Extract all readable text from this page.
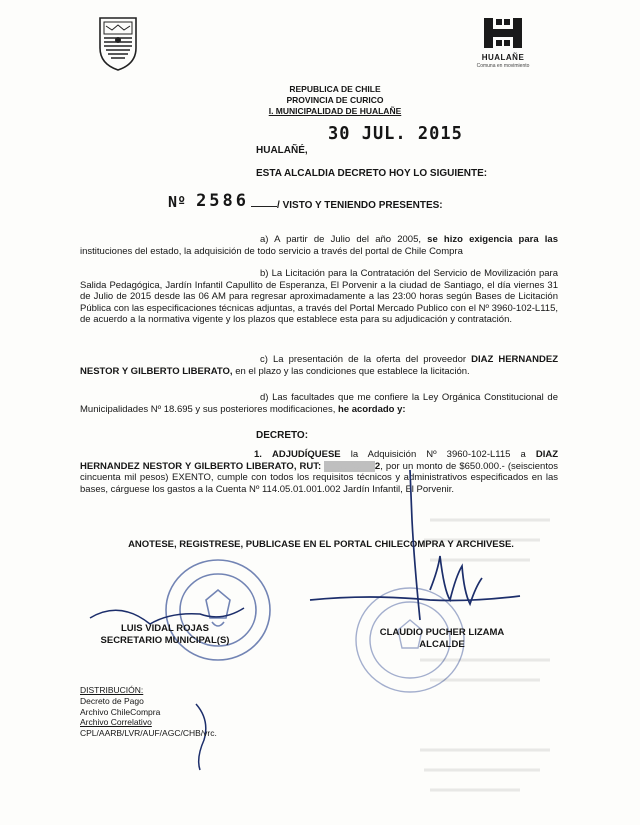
HUALAÑE
Comuna en movimiento
REPUBLICA DE CHILE
PROVINCIA DE CURICO
I. MUNICIPALIDAD DE HUALAÑE
30 JUL. 2015
HUALAÑÉ,
ESTA ALCALDIA DECRETO HOY LO SIGUIENTE:
Nº 2586	/ VISTO Y TENIENDO PRESENTES:
a) A partir de Julio del año 2005, se hizo exigencia para las instituciones del estado, la adquisición de todo servicio a través del portal de Chile Compra
b) La Licitación para la Contratación del Servicio de Movilización para Salida Pedagógica, Jardín Infantil Capullito de Esperanza, El Porvenir a la ciudad de Santiago, el día viernes 31 de Julio de 2015 desde las 06 AM para regresar aproximadamente a las 23:00 horas según Bases de Licitación Pública con las especificaciones técnicas adjuntas, a través del Portal Mercado Publico con el Nº 3960-102-L115, de acuerdo a la normativa vigente y los plazos que establece esta para su adjudicación y contratación.
c) La presentación de la oferta del proveedor DIAZ HERNANDEZ NESTOR Y GILBERTO LIBERATO, en el plazo y las condiciones que establece la licitación.
d) Las facultades que me confiere la Ley Orgánica Constitucional de Municipalidades Nº 18.695 y sus posteriores modificaciones, he acordado y:
DECRETO:
1. ADJUDÍQUESE la Adquisición Nº 3960-102-L115 a DIAZ HERNANDEZ NESTOR Y GILBERTO LIBERATO, RUT: 00.000.000-2, por un monto de $650.000.- (seiscientos cincuenta mil pesos) EXENTO, cumple con todos los requisitos técnicos y administrativos especificados en las bases, cárguese los gastos a la Cuenta Nº 114.05.01.001.002 Jardín Infantil, El Porvenir.
ANOTESE, REGISTRESE, PUBLICASE EN EL PORTAL CHILECOMPRA Y ARCHIVESE.
LUIS VIDAL ROJAS
SECRETARIO MUNICIPAL(S)
CLAUDIO PUCHER LIZAMA
ALCALDE
DISTRIBUCIÓN:
Decreto de Pago
Archivo ChileCompra
Archivo Correlativo
CPL/AARB/LVR/AUF/AGC/CHB/vrc.
